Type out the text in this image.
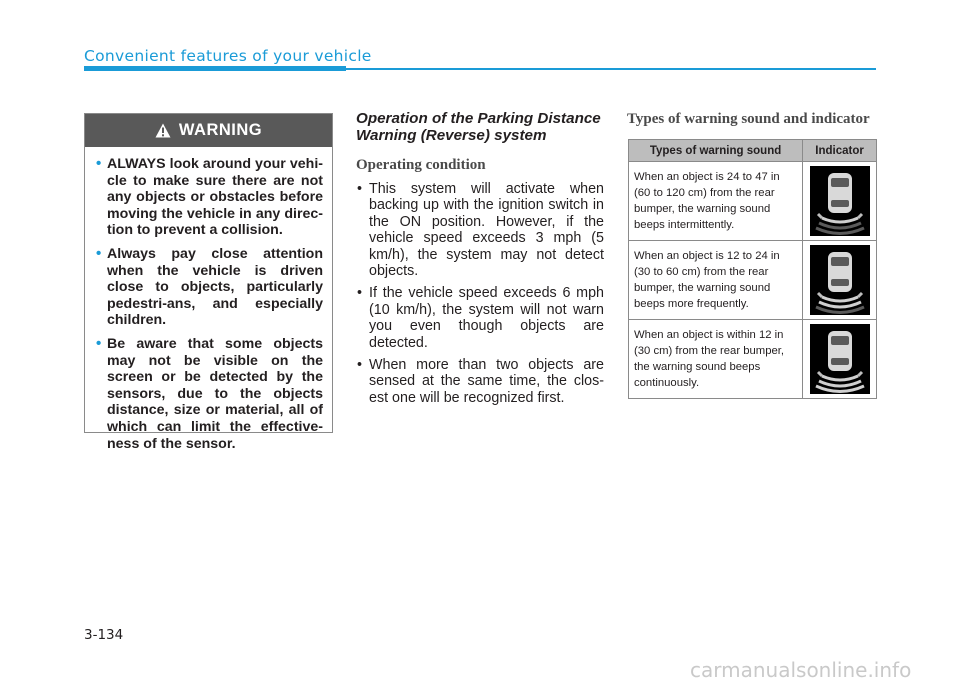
Convenient features of your vehicle
WARNING
• ALWAYS look around your vehi-cle to make sure there are not any objects or obstacles before moving the vehicle in any direc-tion to prevent a collision.
• Always pay close attention when the vehicle is driven close to objects, particularly pedestri-ans, and especially children.
• Be aware that some objects may not be visible on the screen or be detected by the sensors, due to the objects distance, size or material, all of which can limit the effective-ness of the sensor.
Operation of the Parking Distance Warning (Reverse) system
Operating condition
• This system will activate when backing up with the ignition switch in the ON position. However, if the vehicle speed exceeds 3 mph (5 km/h), the system may not detect objects.
• If the vehicle speed exceeds 6 mph (10 km/h), the system will not warn you even though objects are detected.
• When more than two objects are sensed at the same time, the clos-est one will be recognized first.
Types of warning sound and indicator
Types of warning sound	Indicator
When an object is 24 to 47 in (60 to 120 cm) from the rear bumper, the warning sound beeps intermittently.	

When an object is 12 to 24 in (30 to 60 cm) from the rear bumper, the warning sound beeps more frequently.	

When an object is within 12 in (30 cm) from the rear bumper, the warning sound beeps continuously.	
3-134
carmanualsonline.info
